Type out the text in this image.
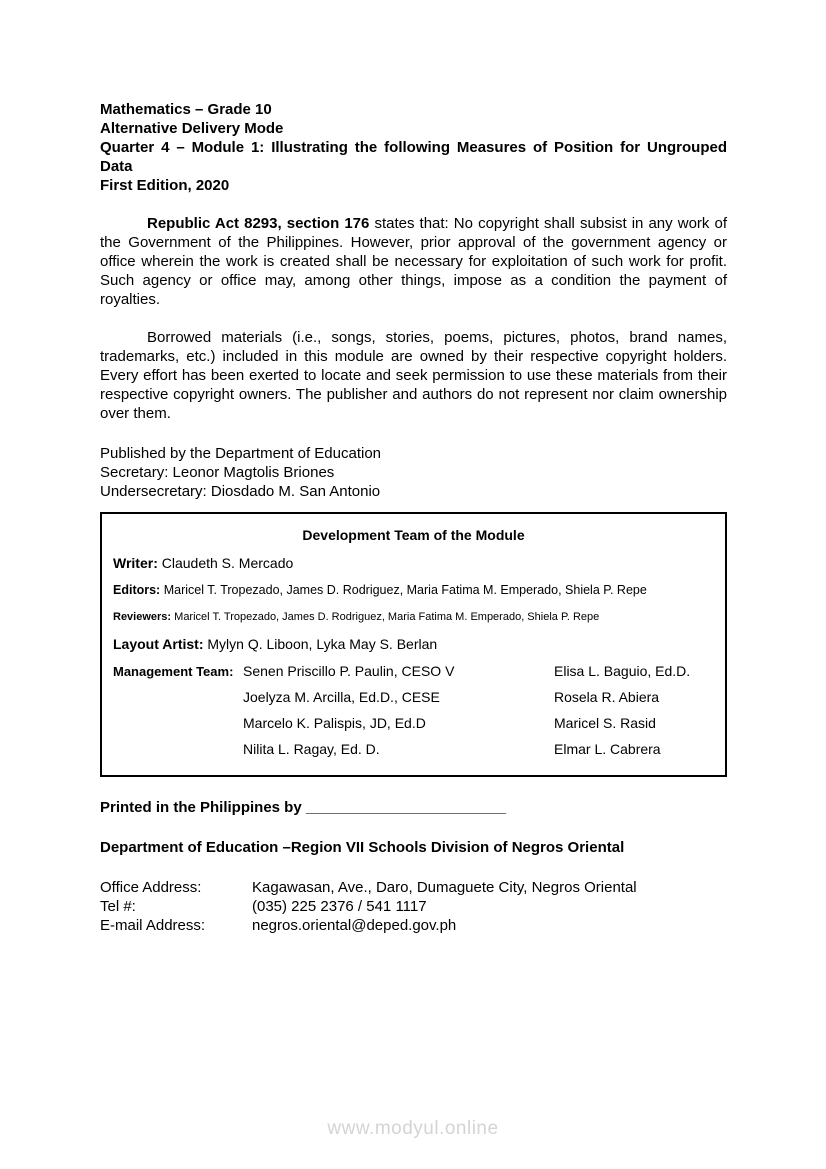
Mathematics – Grade 10
Alternative Delivery Mode
Quarter 4 – Module 1: Illustrating the following Measures of Position for Ungrouped Data
First Edition, 2020

Republic Act 8293, section 176 states that: No copyright shall subsist in any work of the Government of the Philippines. However, prior approval of the government agency or office wherein the work is created shall be necessary for exploitation of such work for profit. Such agency or office may, among other things, impose as a condition the payment of royalties.

Borrowed materials (i.e., songs, stories, poems, pictures, photos, brand names, trademarks, etc.) included in this module are owned by their respective copyright holders. Every effort has been exerted to locate and seek permission to use these materials from their respective copyright owners. The publisher and authors do not represent nor claim ownership over them.

Published by the Department of Education
Secretary: Leonor Magtolis Briones
Undersecretary: Diosdado M. San Antonio
Development Team of the Module
Writer: Claudeth S. Mercado
Editors: Maricel T. Tropezado, James D. Rodriguez, Maria Fatima M. Emperado, Shiela P. Repe
Reviewers: Maricel T. Tropezado, James D. Rodriguez, Maria Fatima M. Emperado, Shiela P. Repe
Layout Artist: Mylyn Q. Liboon, Lyka May S. Berlan
Management Team:	Senen Priscillo P. Paulin, CESO V	Elisa L. Baguio, Ed.D.
	Joelyza M. Arcilla, Ed.D., CESE	Rosela R. Abiera
	Marcelo K. Palispis, JD, Ed.D	Maricel S. Rasid
	Nilita L. Ragay, Ed. D.	Elmar L. Cabrera
Printed in the Philippines by ________________________
Department of Education –Region VII Schools Division of Negros Oriental
Office Address:	Kagawasan, Ave., Daro, Dumaguete City, Negros Oriental
Tel #:	(035) 225 2376 / 541 1117
E-mail Address:	negros.oriental@deped.gov.ph
www.modyul.online
